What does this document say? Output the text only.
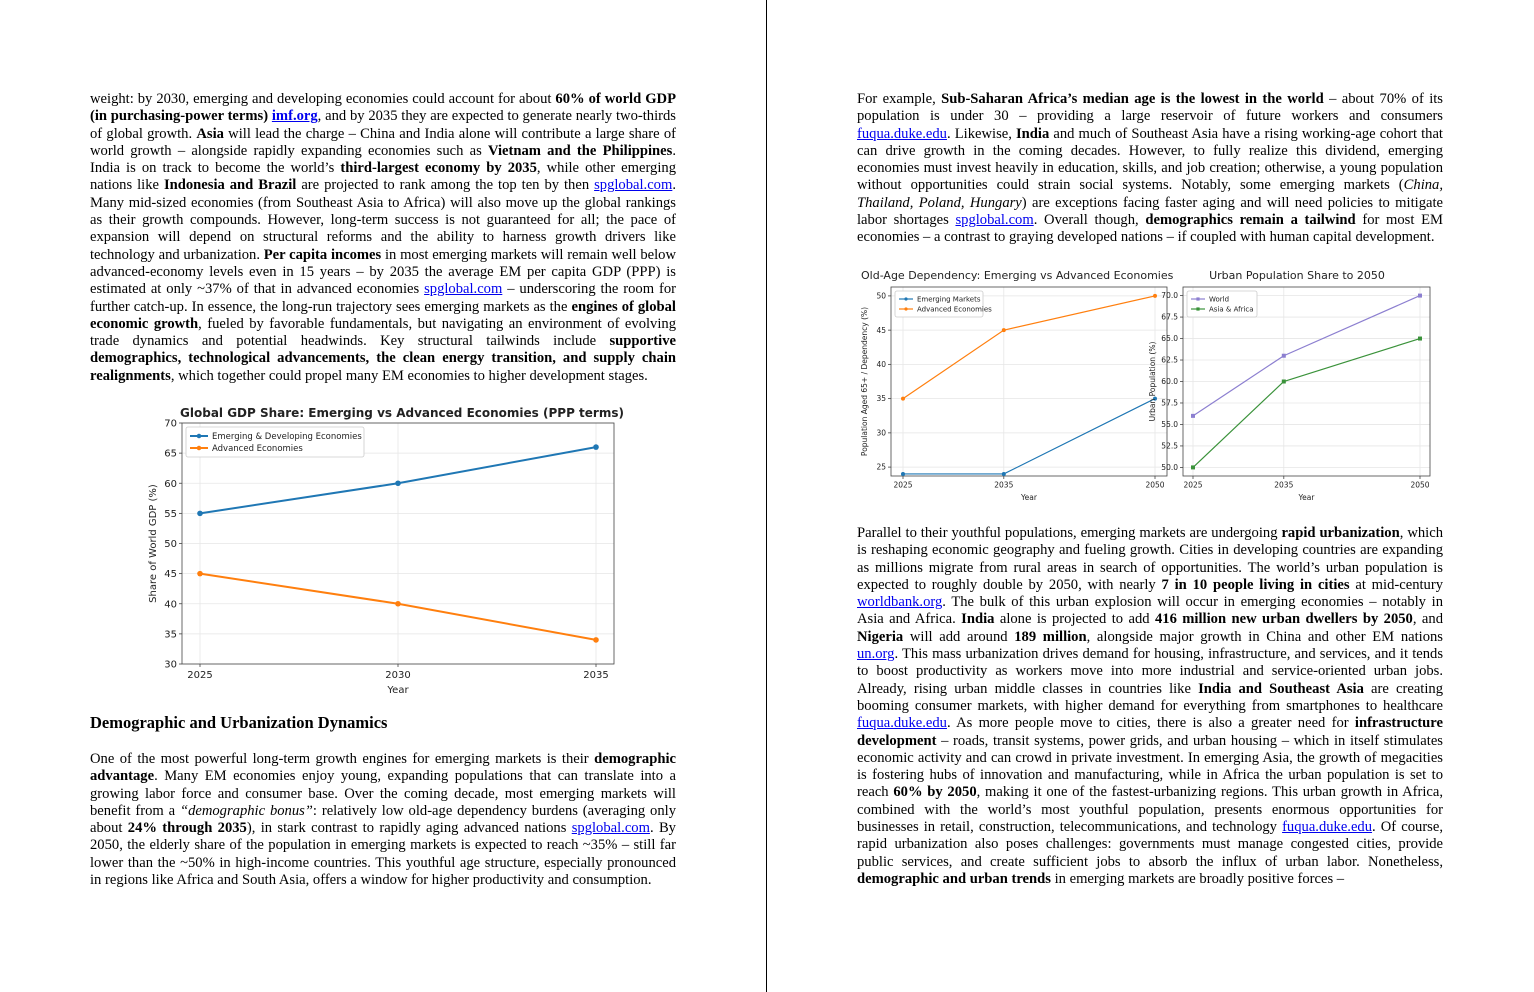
weight: by 2030, emerging and developing economies could account for about 60% of world GDP (in purchasing-power terms) imf.org, and by 2035 they are expected to generate nearly two-thirds of global growth. Asia will lead the charge – China and India alone will contribute a large share of world growth – alongside rapidly expanding economies such as Vietnam and the Philippines. India is on track to become the world’s third-largest economy by 2035, while other emerging nations like Indonesia and Brazil are projected to rank among the top ten by then spglobal.com. Many mid-sized economies (from Southeast Asia to Africa) will also move up the global rankings as their growth compounds. However, long-term success is not guaranteed for all; the pace of expansion will depend on structural reforms and the ability to harness growth drivers like technology and urbanization. Per capita incomes in most emerging markets will remain well below advanced-economy levels even in 15 years – by 2035 the average EM per capita GDP (PPP) is estimated at only ~37% of that in advanced economies spglobal.com – underscoring the room for further catch-up. In essence, the long-run trajectory sees emerging markets as the engines of global economic growth, fueled by favorable fundamentals, but navigating an environment of evolving trade dynamics and potential headwinds. Key structural tailwinds include supportive demographics, technological advancements, the clean energy transition, and supply chain realignments, which together could propel many EM economies to higher development stages.

Global GDP Share: Emerging vs Advanced Economies (PPP terms)
30
35
40
45
50
55
60
65
70
2025	2030	2035
Year
Share of World GDP (%)
Emerging & Developing Economies
Advanced Economies
Demographic and Urbanization Dynamics

One of the most powerful long-term growth engines for emerging markets is their demographic advantage. Many EM economies enjoy young, expanding populations that can translate into a growing labor force and consumer base. Over the coming decade, most emerging markets will benefit from a “demographic bonus”: relatively low old-age dependency burdens (averaging only about 24% through 2035), in stark contrast to rapidly aging advanced nations spglobal.com. By 2050, the elderly share of the population in emerging markets is expected to reach ~35% – still far lower than the ~50% in high-income countries. This youthful age structure, especially pronounced in regions like Africa and South Asia, offers a window for higher productivity and consumption.

For example, Sub-Saharan Africa’s median age is the lowest in the world – about 70% of its population is under 30 – providing a large reservoir of future workers and consumers fuqua.duke.edu. Likewise, India and much of Southeast Asia have a rising working-age cohort that can drive growth in the coming decades. However, to fully realize this dividend, emerging economies must invest heavily in education, skills, and job creation; otherwise, a young population without opportunities could strain social systems. Notably, some emerging markets (China, Thailand, Poland, Hungary) are exceptions facing faster aging and will need policies to mitigate labor shortages spglobal.com. Overall though, demographics remain a tailwind for most EM economies – a contrast to graying developed nations – if coupled with human capital development.

Old-Age Dependency: Emerging vs Advanced Economies
25
30
35
40
45
50
2025	2035	2050
Year
Population Aged 65+ / Dependency (%)
Emerging Markets
Advanced Economies
Urban Population Share to 2050
50.0
52.5
55.0
57.5
60.0
62.5
65.0
67.5
70.0
2025	2035	2050
Year
Urban Population (%)
World
Asia & Africa

Parallel to their youthful populations, emerging markets are undergoing rapid urbanization, which is reshaping economic geography and fueling growth. Cities in developing countries are expanding as millions migrate from rural areas in search of opportunities. The world’s urban population is expected to roughly double by 2050, with nearly 7 in 10 people living in cities at mid-century worldbank.org. The bulk of this urban explosion will occur in emerging economies – notably in Asia and Africa. India alone is projected to add 416 million new urban dwellers by 2050, and Nigeria will add around 189 million, alongside major growth in China and other EM nations un.org. This mass urbanization drives demand for housing, infrastructure, and services, and it tends to boost productivity as workers move into more industrial and service-oriented urban jobs. Already, rising urban middle classes in countries like India and Southeast Asia are creating booming consumer markets, with higher demand for everything from smartphones to healthcare fuqua.duke.edu. As more people move to cities, there is also a greater need for infrastructure development – roads, transit systems, power grids, and urban housing – which in itself stimulates economic activity and can crowd in private investment. In emerging Asia, the growth of megacities is fostering hubs of innovation and manufacturing, while in Africa the urban population is set to reach 60% by 2050, making it one of the fastest-urbanizing regions. This urban growth in Africa, combined with the world’s most youthful population, presents enormous opportunities for businesses in retail, construction, telecommunications, and technology fuqua.duke.edu. Of course, rapid urbanization also poses challenges: governments must manage congested cities, provide public services, and create sufficient jobs to absorb the influx of urban labor. Nonetheless, demographic and urban trends in emerging markets are broadly positive forces –
